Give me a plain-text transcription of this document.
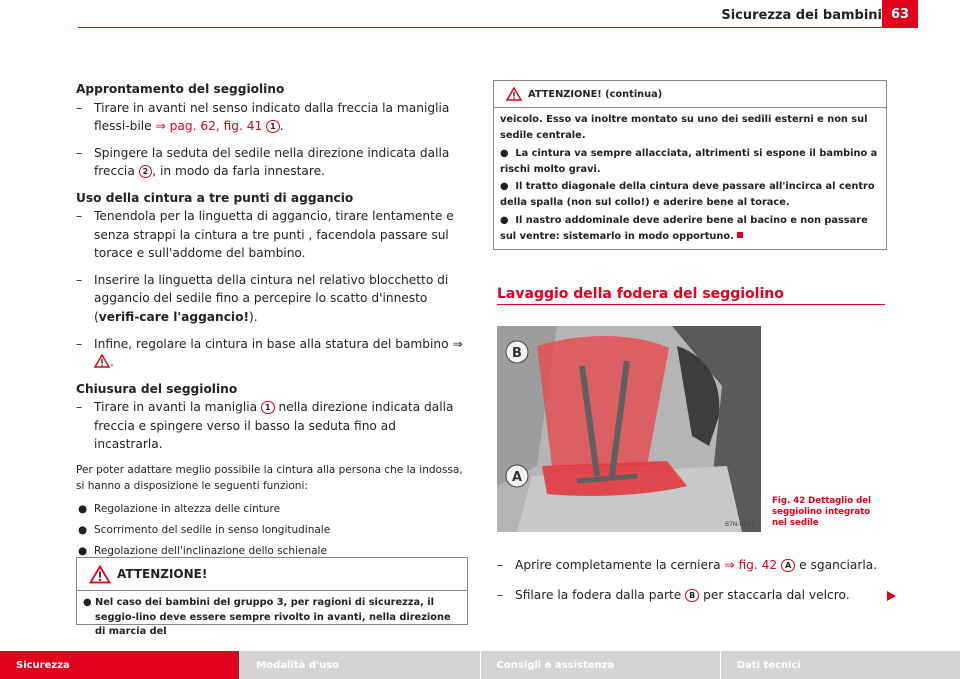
Sicurezza dei bambini 63

Approntamento del seggiolino

– Tirare in avanti nel senso indicato dalla freccia la maniglia flessi-bile ⇒ pag. 62, fig. 41 1 .
– Spingere la seduta del sedile nella direzione indicata dalla freccia 2 , in modo da farla innestare.

Uso della cintura a tre punti di aggancio

– Tenendola per la linguetta di aggancio, tirare lentamente e senza strappi la cintura a tre punti , facendola passare sul torace e sull'addome del bambino.
– Inserire la linguetta della cintura nel relativo blocchetto di aggancio del sedile fino a percepire lo scatto d'innesto (verifi-care l'aggancio!).
– Infine, regolare la cintura in base alla statura del bambino ⇒ .

Chiusura del seggiolino

– Tirare in avanti la maniglia 1 nella direzione indicata dalla freccia e spingere verso il basso la seduta fino ad incastrarla.

Per poter adattare meglio possibile la cintura alla persona che la indossa, si hanno a disposizione le seguenti funzioni:

● Regolazione in altezza delle cinture
● Scorrimento del sedile in senso longitudinale
● Regolazione dell'inclinazione dello schienale
ATTENZIONE!
● Nel caso dei bambini del gruppo 3, per ragioni di sicurezza, il seggio-lino deve essere sempre rivolto in avanti, nella direzione di marcia del
ATTENZIONE! (continua)

veicolo. Esso va inoltre montato su uno dei sedili esterni e non sul sedile centrale.

●  La cintura va sempre allacciata, altrimenti si espone il bambino a rischi molto gravi.

●  Il tratto diagonale della cintura deve passare all'incirca al centro della spalla (non sul collo!) e aderire bene al torace.

●  Il nastro addominale deve aderire bene al bacino e non passare sul ventre: sistemarlo in modo opportuno.

Lavaggio della fodera del seggiolino
B
A
B7N-0017
Fig. 42 Dettaglio del seggiolino integrato nel sedile
– Aprire completamente la cerniera ⇒ fig. 42 A e sganciarla.
– Sfilare la fodera dalla parte B per staccarla dal velcro.
Sicurezza	Modalità d'uso	Consigli e assistenza	Dati tecnici
